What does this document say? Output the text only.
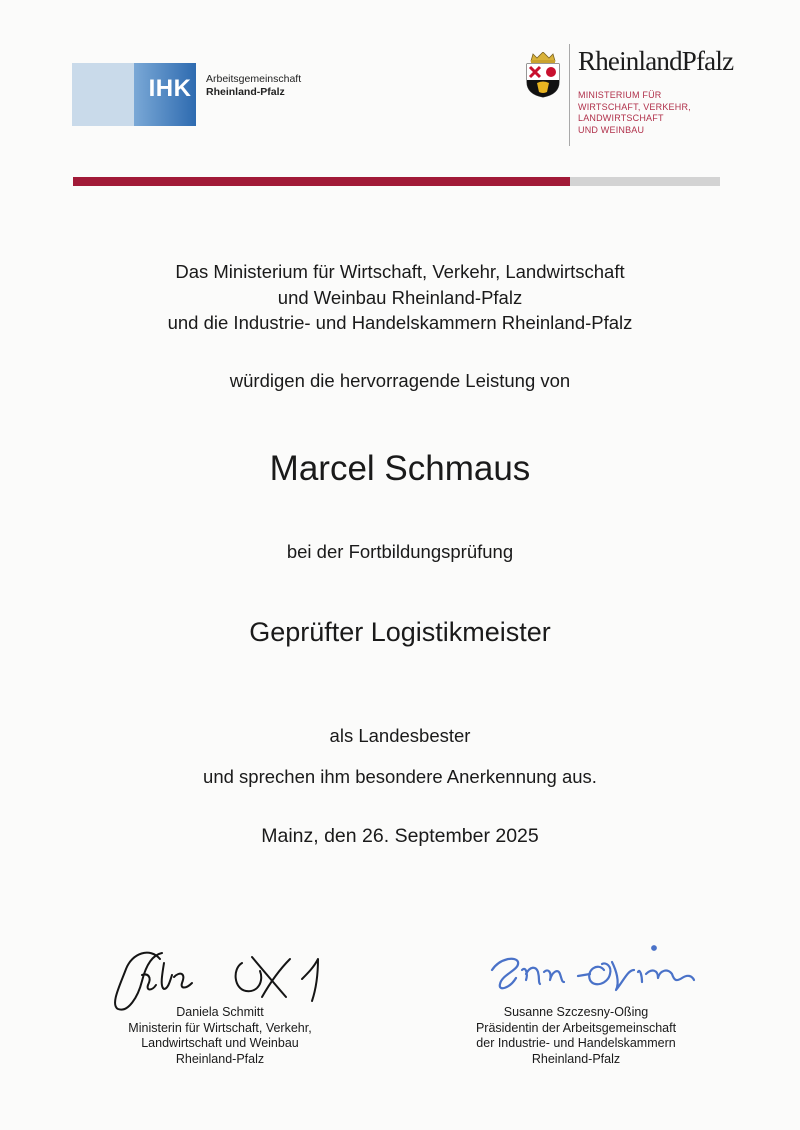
IHK	Arbeitsgemeinschaft
Rheinland-Pfalz
RheinlandPfalz
MINISTERIUM FÜR
WIRTSCHAFT, VERKEHR,
LANDWIRTSCHAFT
UND WEINBAU
Das Ministerium für Wirtschaft, Verkehr, Landwirtschaft
und Weinbau Rheinland-Pfalz
und die Industrie- und Handelskammern Rheinland-Pfalz
würdigen die hervorragende Leistung von
Marcel Schmaus
bei der Fortbildungsprüfung
Geprüfter Logistikmeister
als Landesbester
und sprechen ihm besondere Anerkennung aus.
Mainz, den 26. September 2025
Daniela Schmitt
Ministerin für Wirtschaft, Verkehr,
Landwirtschaft und Weinbau
Rheinland-Pfalz
Susanne Szczesny-Oßing
Präsidentin der Arbeitsgemeinschaft
der Industrie- und Handelskammern
Rheinland-Pfalz
